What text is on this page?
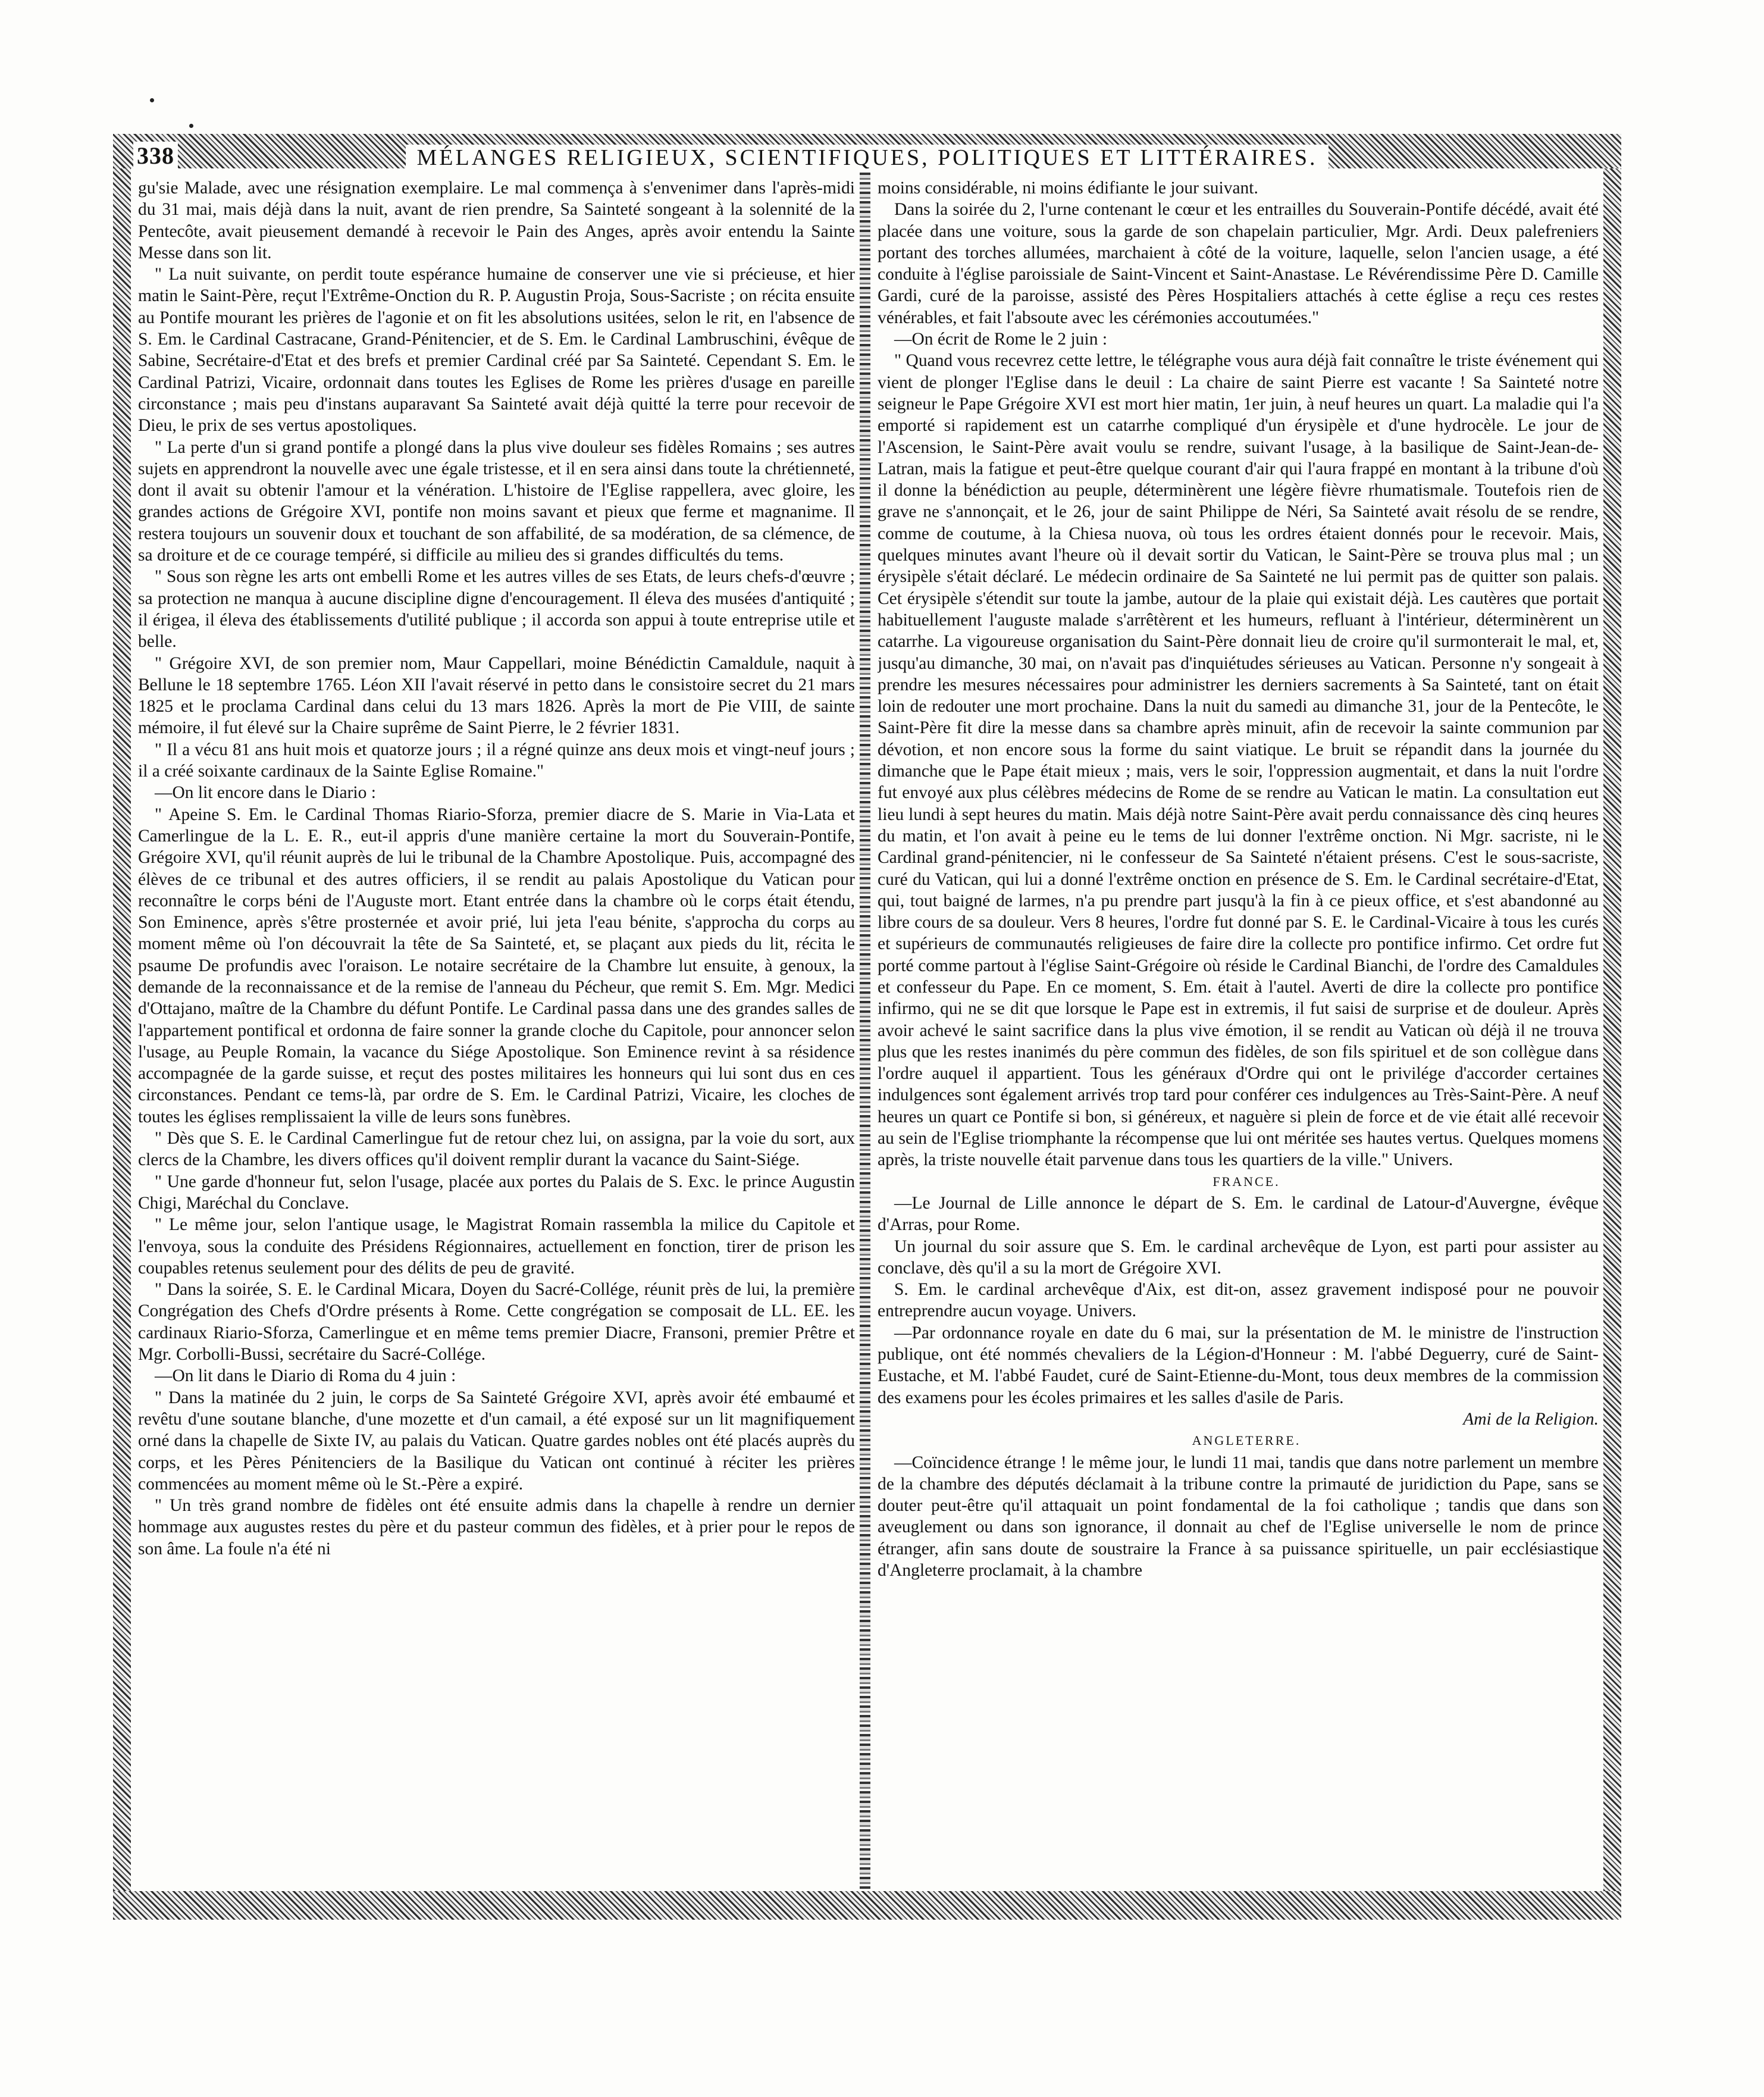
MÉLANGES RELIGIEUX, SCIENTIFIQUES, POLITIQUES ET LITTÉRAIRES.
338

gu'sie Malade, avec une résignation exemplaire. Le mal commença à s'envenimer dans l'après-midi du 31 mai, mais déjà dans la nuit, avant de rien prendre, Sa Sainteté songeant à la solennité de la Pentecôte, avait pieusement demandé à recevoir le Pain des Anges, après avoir entendu la Sainte Messe dans son lit.

" La nuit suivante, on perdit toute espérance humaine de conserver une vie si précieuse, et hier matin le Saint-Père, reçut l'Extrême-Onction du R. P. Augustin Proja, Sous-Sacriste ; on récita ensuite au Pontife mourant les prières de l'agonie et on fit les absolutions usitées, selon le rit, en l'absence de S. Em. le Cardinal Castracane, Grand-Pénitencier, et de S. Em. le Cardinal Lambruschini, évêque de Sabine, Secrétaire-d'Etat et des brefs et premier Cardinal créé par Sa Sainteté. Cependant S. Em. le Cardinal Patrizi, Vicaire, ordonnait dans toutes les Eglises de Rome les prières d'usage en pareille circonstance ; mais peu d'instans auparavant Sa Sainteté avait déjà quitté la terre pour recevoir de Dieu, le prix de ses vertus apostoliques.

" La perte d'un si grand pontife a plongé dans la plus vive douleur ses fidèles Romains ; ses autres sujets en apprendront la nouvelle avec une égale tristesse, et il en sera ainsi dans toute la chrétienneté, dont il avait su obtenir l'amour et la vénération. L'histoire de l'Eglise rappellera, avec gloire, les grandes actions de Grégoire XVI, pontife non moins savant et pieux que ferme et magnanime. Il restera toujours un souvenir doux et touchant de son affabilité, de sa modération, de sa clémence, de sa droiture et de ce courage tempéré, si difficile au milieu des si grandes difficultés du tems.

" Sous son règne les arts ont embelli Rome et les autres villes de ses Etats, de leurs chefs-d'œuvre ; sa protection ne manqua à aucune discipline digne d'encouragement. Il éleva des musées d'antiquité ; il érigea, il éleva des établissements d'utilité publique ; il accorda son appui à toute entreprise utile et belle.

" Grégoire XVI, de son premier nom, Maur Cappellari, moine Bénédictin Camaldule, naquit à Bellune le 18 septembre 1765. Léon XII l'avait réservé in petto dans le consistoire secret du 21 mars 1825 et le proclama Cardinal dans celui du 13 mars 1826. Après la mort de Pie VIII, de sainte mémoire, il fut élevé sur la Chaire suprême de Saint Pierre, le 2 février 1831.

" Il a vécu 81 ans huit mois et quatorze jours ; il a régné quinze ans deux mois et vingt-neuf jours ; il a créé soixante cardinaux de la Sainte Eglise Romaine."

—On lit encore dans le Diario :

" Apeine S. Em. le Cardinal Thomas Riario-Sforza, premier diacre de S. Marie in Via-Lata et Camerlingue de la L. E. R., eut-il appris d'une manière certaine la mort du Souverain-Pontife, Grégoire XVI, qu'il réunit auprès de lui le tribunal de la Chambre Apostolique. Puis, accompagné des élèves de ce tribunal et des autres officiers, il se rendit au palais Apostolique du Vatican pour reconnaître le corps béni de l'Auguste mort. Etant entrée dans la chambre où le corps était étendu, Son Eminence, après s'être prosternée et avoir prié, lui jeta l'eau bénite, s'approcha du corps au moment même où l'on découvrait la tête de Sa Sainteté, et, se plaçant aux pieds du lit, récita le psaume De profundis avec l'oraison. Le notaire secrétaire de la Chambre lut ensuite, à genoux, la demande de la reconnaissance et de la remise de l'anneau du Pécheur, que remit S. Em. Mgr. Medici d'Ottajano, maître de la Chambre du défunt Pontife. Le Cardinal passa dans une des grandes salles de l'appartement pontifical et ordonna de faire sonner la grande cloche du Capitole, pour annoncer selon l'usage, au Peuple Romain, la vacance du Siége Apostolique. Son Eminence revint à sa résidence accompagnée de la garde suisse, et reçut des postes militaires les honneurs qui lui sont dus en ces circonstances. Pendant ce tems-là, par ordre de S. Em. le Cardinal Patrizi, Vicaire, les cloches de toutes les églises remplissaient la ville de leurs sons funèbres.

" Dès que S. E. le Cardinal Camerlingue fut de retour chez lui, on assigna, par la voie du sort, aux clercs de la Chambre, les divers offices qu'il doivent remplir durant la vacance du Saint-Siége.

" Une garde d'honneur fut, selon l'usage, placée aux portes du Palais de S. Exc. le prince Augustin Chigi, Maréchal du Conclave.

" Le même jour, selon l'antique usage, le Magistrat Romain rassembla la milice du Capitole et l'envoya, sous la conduite des Présidens Régionnaires, actuellement en fonction, tirer de prison les coupables retenus seulement pour des délits de peu de gravité.

" Dans la soirée, S. E. le Cardinal Micara, Doyen du Sacré-Collége, réunit près de lui, la première Congrégation des Chefs d'Ordre présents à Rome. Cette congrégation se composait de LL. EE. les cardinaux Riario-Sforza, Camerlingue et en même tems premier Diacre, Fransoni, premier Prêtre et Mgr. Corbolli-Bussi, secrétaire du Sacré-Collége.

—On lit dans le Diario di Roma du 4 juin :

" Dans la matinée du 2 juin, le corps de Sa Sainteté Grégoire XVI, après avoir été embaumé et revêtu d'une soutane blanche, d'une mozette et d'un camail, a été exposé sur un lit magnifiquement orné dans la chapelle de Sixte IV, au palais du Vatican. Quatre gardes nobles ont été placés auprès du corps, et les Pères Pénitenciers de la Basilique du Vatican ont continué à réciter les prières commencées au moment même où le St.-Père a expiré.

" Un très grand nombre de fidèles ont été ensuite admis dans la chapelle à rendre un dernier hommage aux augustes restes du père et du pasteur commun des fidèles, et à prier pour le repos de son âme. La foule n'a été ni

moins considérable, ni moins édifiante le jour suivant.

Dans la soirée du 2, l'urne contenant le cœur et les entrailles du Souverain-Pontife décédé, avait été placée dans une voiture, sous la garde de son chapelain particulier, Mgr. Ardi. Deux palefreniers portant des torches allumées, marchaient à côté de la voiture, laquelle, selon l'ancien usage, a été conduite à l'église paroissiale de Saint-Vincent et Saint-Anastase. Le Révérendissime Père D. Camille Gardi, curé de la paroisse, assisté des Pères Hospitaliers attachés à cette église a reçu ces restes vénérables, et fait l'absoute avec les cérémonies accoutumées."

—On écrit de Rome le 2 juin :

" Quand vous recevrez cette lettre, le télégraphe vous aura déjà fait connaître le triste événement qui vient de plonger l'Eglise dans le deuil : La chaire de saint Pierre est vacante ! Sa Sainteté notre seigneur le Pape Grégoire XVI est mort hier matin, 1er juin, à neuf heures un quart. La maladie qui l'a emporté si rapidement est un catarrhe compliqué d'un érysipèle et d'une hydrocèle. Le jour de l'Ascension, le Saint-Père avait voulu se rendre, suivant l'usage, à la basilique de Saint-Jean-de-Latran, mais la fatigue et peut-être quelque courant d'air qui l'aura frappé en montant à la tribune d'où il donne la bénédiction au peuple, déterminèrent une légère fièvre rhumatismale. Toutefois rien de grave ne s'annonçait, et le 26, jour de saint Philippe de Néri, Sa Sainteté avait résolu de se rendre, comme de coutume, à la Chiesa nuova, où tous les ordres étaient donnés pour le recevoir. Mais, quelques minutes avant l'heure où il devait sortir du Vatican, le Saint-Père se trouva plus mal ; un érysipèle s'était déclaré. Le médecin ordinaire de Sa Sainteté ne lui permit pas de quitter son palais. Cet érysipèle s'étendit sur toute la jambe, autour de la plaie qui existait déjà. Les cautères que portait habituellement l'auguste malade s'arrêtèrent et les humeurs, refluant à l'intérieur, déterminèrent un catarrhe. La vigoureuse organisation du Saint-Père donnait lieu de croire qu'il surmonterait le mal, et, jusqu'au dimanche, 30 mai, on n'avait pas d'inquiétudes sérieuses au Vatican. Personne n'y songeait à prendre les mesures nécessaires pour administrer les derniers sacrements à Sa Sainteté, tant on était loin de redouter une mort prochaine. Dans la nuit du samedi au dimanche 31, jour de la Pentecôte, le Saint-Père fit dire la messe dans sa chambre après minuit, afin de recevoir la sainte communion par dévotion, et non encore sous la forme du saint viatique. Le bruit se répandit dans la journée du dimanche que le Pape était mieux ; mais, vers le soir, l'oppression augmentait, et dans la nuit l'ordre fut envoyé aux plus célèbres médecins de Rome de se rendre au Vatican le matin. La consultation eut lieu lundi à sept heures du matin. Mais déjà notre Saint-Père avait perdu connaissance dès cinq heures du matin, et l'on avait à peine eu le tems de lui donner l'extrême onction. Ni Mgr. sacriste, ni le Cardinal grand-pénitencier, ni le confesseur de Sa Sainteté n'étaient présens. C'est le sous-sacriste, curé du Vatican, qui lui a donné l'extrême onction en présence de S. Em. le Cardinal secrétaire-d'Etat, qui, tout baigné de larmes, n'a pu prendre part jusqu'à la fin à ce pieux office, et s'est abandonné au libre cours de sa douleur. Vers 8 heures, l'ordre fut donné par S. E. le Cardinal-Vicaire à tous les curés et supérieurs de communautés religieuses de faire dire la collecte pro pontifice infirmo. Cet ordre fut porté comme partout à l'église Saint-Grégoire où réside le Cardinal Bianchi, de l'ordre des Camaldules et confesseur du Pape. En ce moment, S. Em. était à l'autel. Averti de dire la collecte pro pontifice infirmo, qui ne se dit que lorsque le Pape est in extremis, il fut saisi de surprise et de douleur. Après avoir achevé le saint sacrifice dans la plus vive émotion, il se rendit au Vatican où déjà il ne trouva plus que les restes inanimés du père commun des fidèles, de son fils spirituel et de son collègue dans l'ordre auquel il appartient. Tous les généraux d'Ordre qui ont le privilége d'accorder certaines indulgences sont également arrivés trop tard pour conférer ces indulgences au Très-Saint-Père. A neuf heures un quart ce Pontife si bon, si généreux, et naguère si plein de force et de vie était allé recevoir au sein de l'Eglise triomphante la récompense que lui ont méritée ses hautes vertus. Quelques momens après, la triste nouvelle était parvenue dans tous les quartiers de la ville." Univers.

FRANCE.

—Le Journal de Lille annonce le départ de S. Em. le cardinal de Latour-d'Auvergne, évêque d'Arras, pour Rome.

Un journal du soir assure que S. Em. le cardinal archevêque de Lyon, est parti pour assister au conclave, dès qu'il a su la mort de Grégoire XVI.

S. Em. le cardinal archevêque d'Aix, est dit-on, assez gravement indisposé pour ne pouvoir entreprendre aucun voyage. Univers.

—Par ordonnance royale en date du 6 mai, sur la présentation de M. le ministre de l'instruction publique, ont été nommés chevaliers de la Légion-d'Honneur : M. l'abbé Deguerry, curé de Saint-Eustache, et M. l'abbé Faudet, curé de Saint-Etienne-du-Mont, tous deux membres de la commission des examens pour les écoles primaires et les salles d'asile de Paris.

Ami de la Religion.

ANGLETERRE.

—Coïncidence étrange ! le même jour, le lundi 11 mai, tandis que dans notre parlement un membre de la chambre des députés déclamait à la tribune contre la primauté de juridiction du Pape, sans se douter peut-être qu'il attaquait un point fondamental de la foi catholique ; tandis que dans son aveuglement ou dans son ignorance, il donnait au chef de l'Eglise universelle le nom de prince étranger, afin sans doute de soustraire la France à sa puissance spirituelle, un pair ecclésiastique d'Angleterre proclamait, à la chambre
